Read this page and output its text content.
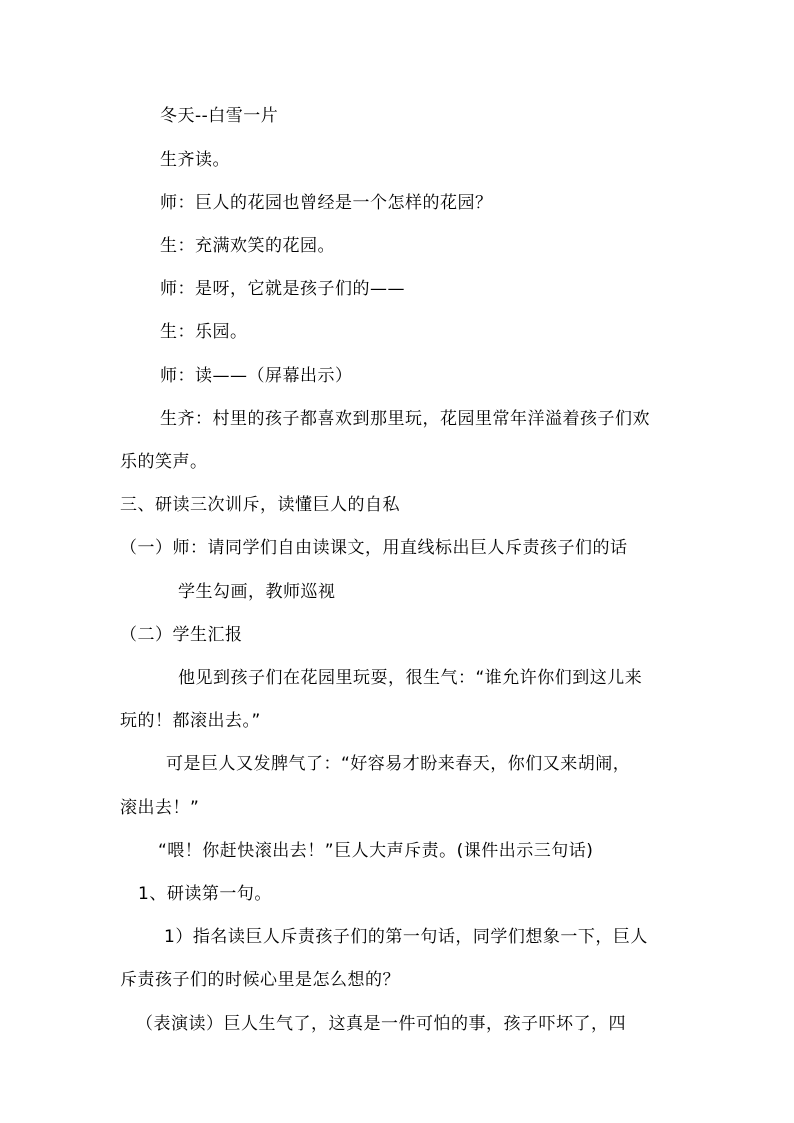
冬天--白雪一片
生齐读。
师：巨人的花园也曾经是一个怎样的花园？
生：充满欢笑的花园。
师：是呀，它就是孩子们的——
生：乐园。
师：读——（屏幕出示）
生齐：村里的孩子都喜欢到那里玩，花园里常年洋溢着孩子们欢
乐的笑声。
三、研读三次训斥，读懂巨人的自私
（一）师：请同学们自由读课文，用直线标出巨人斥责孩子们的话
学生勾画，教师巡视
（二）学生汇报
他见到孩子们在花园里玩耍，很生气：“谁允许你们到这儿来
玩的！都滚出去。”
可是巨人又发脾气了：“好容易才盼来春天，你们又来胡闹，
滚出去！”
“喂！你赶快滚出去！”巨人大声斥责。(课件出示三句话)
1、研读第一句。
1）指名读巨人斥责孩子们的第一句话，同学们想象一下，巨人
斥责孩子们的时候心里是怎么想的？
（表演读）巨人生气了，这真是一件可怕的事，孩子吓坏了，四
